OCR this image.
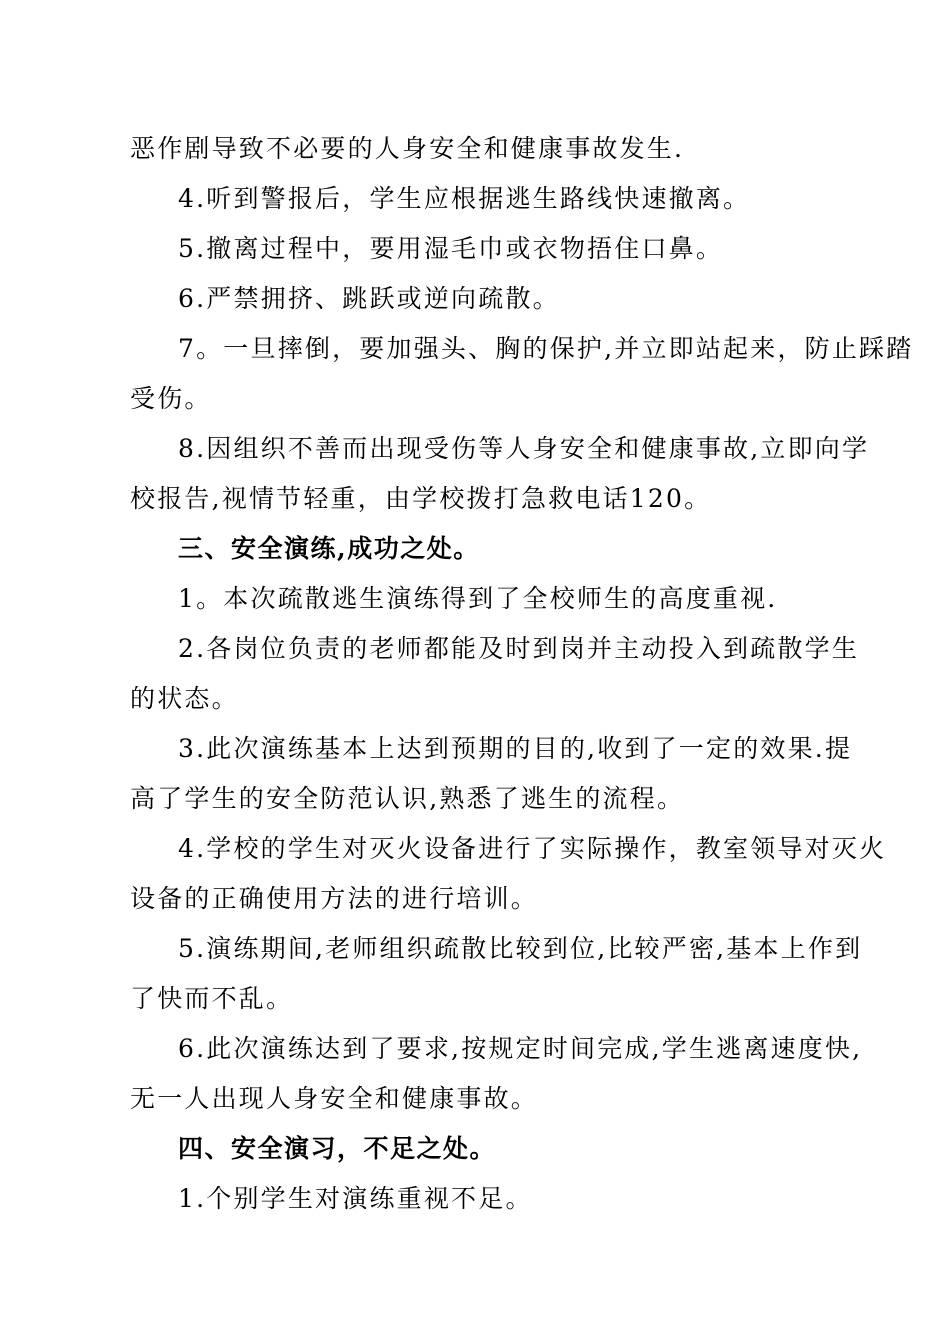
恶作剧导致不必要的人身安全和健康事故发生.
4.听到警报后，学生应根据逃生路线快速撤离。
5.撤离过程中，要用湿毛巾或衣物捂住口鼻。
6.严禁拥挤、跳跃或逆向疏散。
7。一旦摔倒，要加强头、胸的保护,并立即站起来，防止踩踏
受伤。
8.因组织不善而出现受伤等人身安全和健康事故,立即向学
校报告,视情节轻重，由学校拨打急救电话120。
三、安全演练,成功之处。
1。本次疏散逃生演练得到了全校师生的高度重视.
2.各岗位负责的老师都能及时到岗并主动投入到疏散学生
的状态。
3.此次演练基本上达到预期的目的,收到了一定的效果.提
高了学生的安全防范认识,熟悉了逃生的流程。
4.学校的学生对灭火设备进行了实际操作，教室领导对灭火
设备的正确使用方法的进行培训。
5.演练期间,老师组织疏散比较到位,比较严密,基本上作到
了快而不乱。
6.此次演练达到了要求,按规定时间完成,学生逃离速度快,
无一人出现人身安全和健康事故。
四、安全演习，不足之处。
1.个别学生对演练重视不足。
